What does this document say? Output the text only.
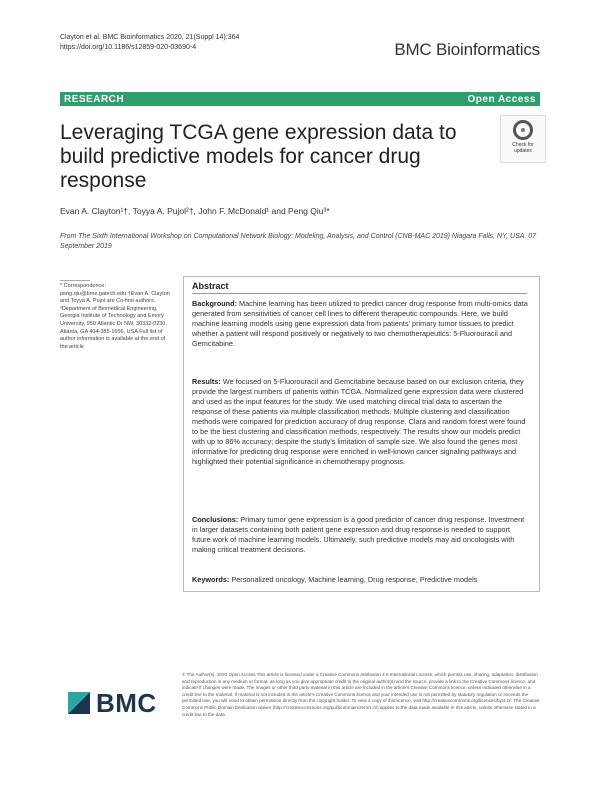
Clayton et al. BMC Bioinformatics 2020, 21(Suppl 14):364
https://doi.org/10.1186/s12859-020-03690-4	BMC Bioinformatics
RESEARCH	Open Access
Leveraging TCGA gene expression data to build predictive models for cancer drug response
Check for
updates
Evan A. Clayton¹†, Toyya A. Pujol²†, John F. McDonald¹ and Peng Qiu³*
From The Sixth International Workshop on Computational Network Biology: Modeling, Analysis, and Control (CNB-MAC 2019) Niagara Falls, NY, USA. 07 September 2019
* Correspondence: peng.qiu@bme.gatech.edu †Evan A. Clayton and Toyya A. Pujol are Co-first authors. ³Department of Biomedical Engineering, Georgia Institute of Technology and Emory University, 950 Atlantic Dr NW, 30332-0230, Atlanta, GA 404-385-1656, USA Full list of author information is available at the end of the article
Abstract
Background: Machine learning has been utilized to predict cancer drug response from multi-omics data generated from sensitivities of cancer cell lines to different therapeutic compounds. Here, we build machine learning models using gene expression data from patients' primary tumor tissues to predict whether a patient will respond positively or negatively to two chemotherapeutics: 5-Fluorouracil and Gemcitabine.
Results: We focused on 5-Fluorouracil and Gemcitabine because based on our exclusion criteria, they provide the largest numbers of patients within TCGA. Normalized gene expression data were clustered and used as the input features for the study. We used matching clinical trial data to ascertain the response of these patients via multiple classification methods. Multiple clustering and classification methods were compared for prediction accuracy of drug response. Clara and random forest were found to be the best clustering and classification methods, respectively. The results show our models predict with up to 86% accuracy; despite the study's limitation of sample size. We also found the genes most informative for predicting drug response were enriched in well-known cancer signaling pathways and highlighted their potential significance in chemotherapy prognosis.
Conclusions: Primary tumor gene expression is a good predictor of cancer drug response. Investment in larger datasets containing both patient gene expression and drug response is needed to support future work of machine learning models. Ultimately, such predictive models may aid oncologists with making critical treatment decisions.
Keywords: Personalized oncology, Machine learning, Drug response, Predictive models
BMC
© The Author(s). 2020 Open Access This article is licensed under a Creative Commons Attribution 4.0 International License, which permits use, sharing, adaptation, distribution and reproduction in any medium or format, as long as you give appropriate credit to the original author(s) and the source, provide a link to the Creative Commons licence, and indicate if changes were made. The images or other third party material in this article are included in the article's Creative Commons licence, unless indicated otherwise in a credit line to the material. If material is not included in the article's Creative Commons licence and your intended use is not permitted by statutory regulation or exceeds the permitted use, you will need to obtain permission directly from the copyright holder. To view a copy of this licence, visit http://creativecommons.org/licenses/by/4.0/. The Creative Commons Public Domain Dedication waiver (http://creativecommons.org/publicdomain/zero/1.0/) applies to the data made available in this article, unless otherwise stated in a credit line to the data.
